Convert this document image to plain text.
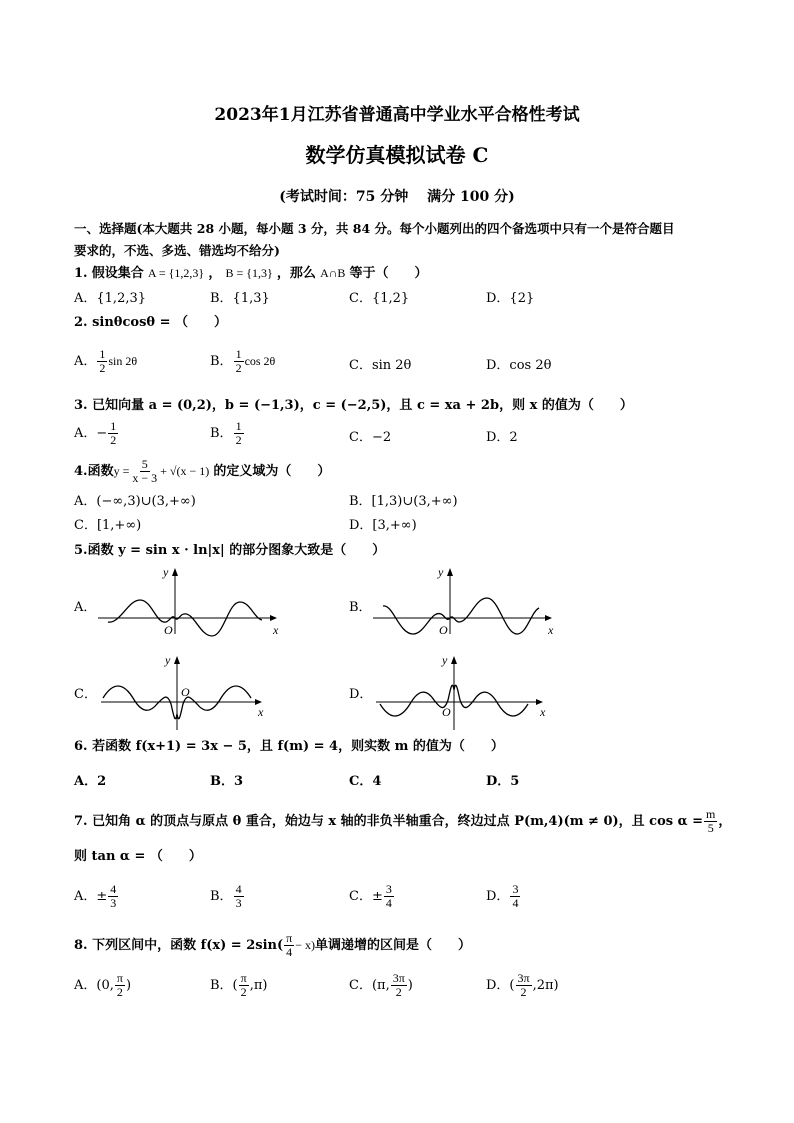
2023年1月江苏省普通高中学业水平合格性考试
数学仿真模拟试卷 C
(考试时间：75 分钟　 满分 100 分)
一、选择题(本大题共 28 小题，每小题 3 分，共 84 分。每个小题列出的四个备选项中只有一个是符合题目
要求的，不选、多选、错选均不给分)
1. 假设集合 A = {1,2,3} ， B = {1,3} ，那么 A∩B 等于（　　）
A．{1,2,3}	B．{1,3}	C．{1,2}	D．{2}
2. sinθcosθ = （　　）
A． $\frac{1}{2}$ sin 2θ	B． $\frac{1}{2}$ cos 2θ	C．sin 2θ	D．cos 2θ
3. 已知向量 a = (0,2)，b = (−1,3)，c = (−2,5)，且 c = xa + 2b，则 x 的值为（　　）
A．− $\frac{1}{2}$	B． $\frac{1}{2}$	C．−2	D．2
4.函数$y = \frac{5}{x - 3} + √(x - 1)$ 的定义域为（　　）
A．(−∞,3)∪(3,+∞)	B．[1,3)∪(3,+∞)
C．[1,+∞)	D．[3,+∞)
5.函数 y = sin x · ln|x| 的部分图象大致是（　　）
A．	B．
C．	D．
x
y
O	x
y
O
x
y
O
x
y
O
6. 若函数 f(x+1) = 3x − 5，且 f(m) = 4，则实数 m 的值为（　　）
A．2	B．3	C．4	D．5
7. 已知角 α 的顶点与原点 θ 重合，始边与 x 轴的非负半轴重合，终边过点 P(m,4)(m ≠ 0)，且 $\cos \alpha = \frac{m}{5}$ ，
则 tan α = （　　）
A．± $\frac{4}{3}$	B． $\frac{4}{3}$	C．± $\frac{3}{4}$	D． $\frac{3}{4}$
8. 下列区间中，函数 $f(x) = 2\sin( \frac{\pi}{4} - x)$单调递增的区间是（　　）
A．(0, $\frac{\pi}{2}$ )	B．( $\frac{\pi}{2} ,\pi$)	C．(π, $\frac{3\pi}{2}$ )	D．( $\frac{3\pi}{2} ,2\pi$)
